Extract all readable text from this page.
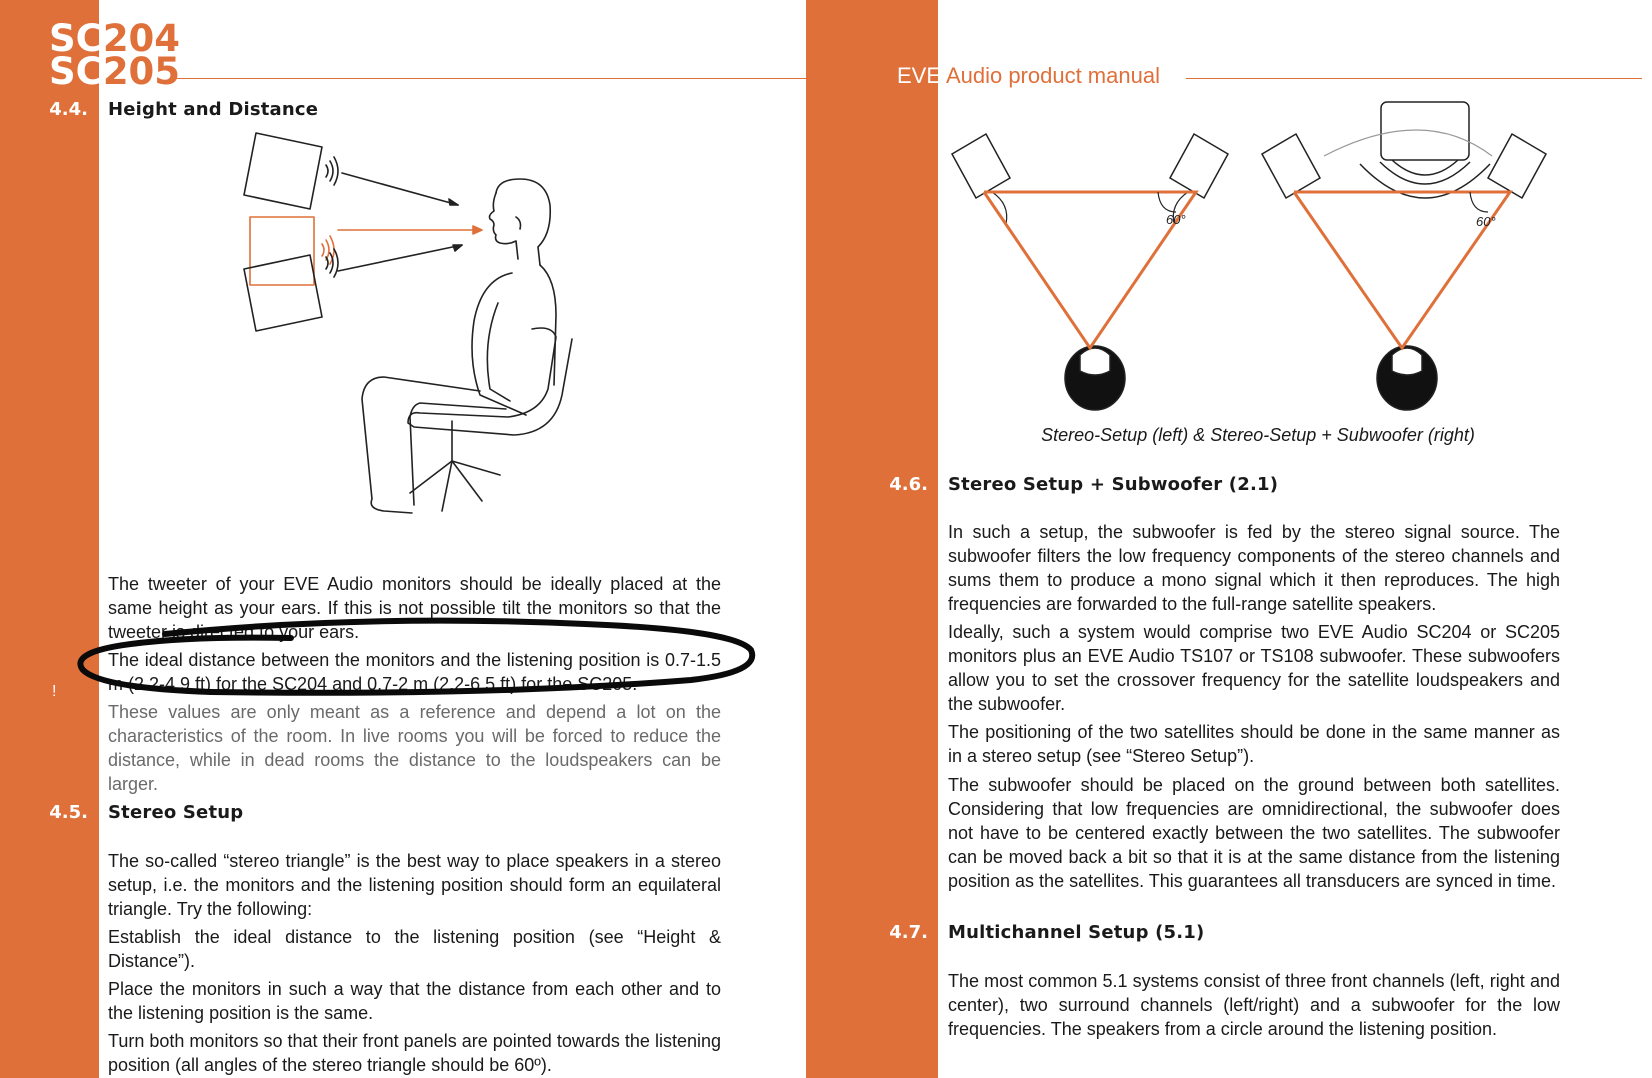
SC204
SC205
4.4. Height and Distance

The tweeter of your EVE Audio monitors should be ideally placed at the same height as your ears. If this is not possible tilt the monitors so that the tweeter is directed to your ears.

The ideal distance between the monitors and the listening position is 0.7-1.5 m (2.2-4.9 ft) for the SC204 and 0.7-2 m (2.2-6.5 ft) for the SC205.

!

These values are only meant as a reference and depend a lot on the characteristics of the room. In live rooms you will be forced to reduce the distance, while in dead rooms the distance to the loudspeakers can be larger.

4.5. Stereo Setup

The so-called “stereo triangle” is the best way to place speakers in a stereo setup, i.e. the monitors and the listening position should form an equilateral triangle. Try the following:

Establish the ideal distance to the listening position (see “Height & Distance”).

Place the monitors in such a way that the distance from each other and to the listening position is the same.

Turn both monitors so that their front panels are pointed towards the listening position (all angles of the stereo triangle should be 60º).

EVE Audio product manual
60°	60°
Stereo-Setup (left) & Stereo-Setup + Subwoofer (right)
4.6. Stereo Setup + Subwoofer (2.1)

In such a setup, the subwoofer is fed by the stereo signal source. The subwoofer filters the low frequency components of the stereo channels and sums them to produce a mono signal which it then reproduces. The high frequencies are forwarded to the full-range satellite speakers.

Ideally, such a system would comprise two EVE Audio SC204 or SC205 monitors plus an EVE Audio TS107 or TS108 subwoofer. These subwoofers allow you to set the crossover frequency for the satellite loudspeakers and the subwoofer.

The positioning of the two satellites should be done in the same manner as in a stereo setup (see “Stereo Setup”).

The subwoofer should be placed on the ground between both satellites. Considering that low frequencies are omnidirectional, the subwoofer does not have to be centered exactly between the two satellites. The subwoofer can be moved back a bit so that it is at the same distance from the listening position as the satellites. This guarantees all transducers are synced in time.

4.7. Multichannel Setup (5.1)

The most common 5.1 systems consist of three front channels (left, right and center), two surround channels (left/right) and a subwoofer for the low frequencies. The speakers from a circle around the listening position.
